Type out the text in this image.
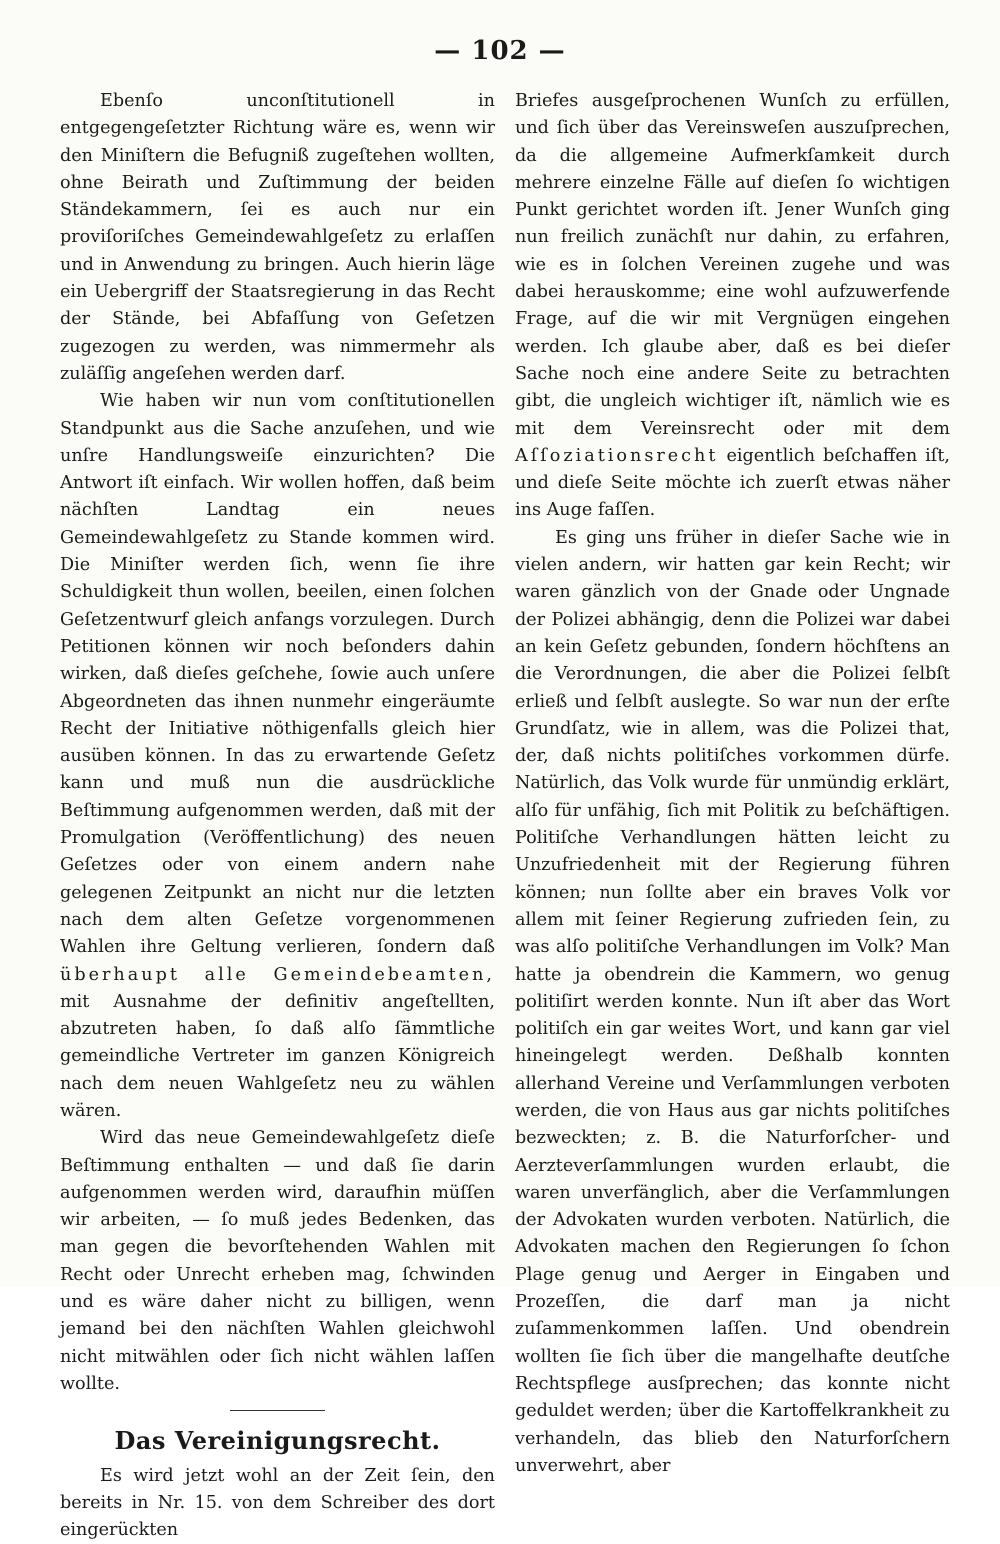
— 102 —

Ebenſo unconſtitutionell in entgegengeſetzter Richtung wäre es, wenn wir den Miniſtern die Befugniß zugeſtehen wollten, ohne Beirath und Zuſtimmung der beiden Ständekammern, ſei es auch nur ein proviſoriſches Gemeindewahlgeſetz zu erlaſſen und in Anwendung zu bringen. Auch hierin läge ein Uebergriff der Staatsregierung in das Recht der Stände, bei Abfaſſung von Geſetzen zugezogen zu werden, was nimmermehr als zuläſſig angeſehen werden darf.

Wie haben wir nun vom conſtitutionellen Standpunkt aus die Sache anzuſehen, und wie unſre Handlungsweiſe einzurichten? Die Antwort iſt einfach. Wir wollen hoffen, daß beim nächſten Landtag ein neues Gemeindewahlgeſetz zu Stande kommen wird. Die Miniſter werden ſich, wenn ſie ihre Schuldigkeit thun wollen, beeilen, einen ſolchen Geſetzentwurf gleich anfangs vorzulegen. Durch Petitionen können wir noch beſonders dahin wirken, daß dieſes geſchehe, ſowie auch unſere Abgeordneten das ihnen nunmehr eingeräumte Recht der Initiative nöthigenfalls gleich hier ausüben können. In das zu erwartende Geſetz kann und muß nun die ausdrückliche Beſtimmung aufgenommen werden, daß mit der Promulgation (Veröffentlichung) des neuen Geſetzes oder von einem andern nahe gelegenen Zeitpunkt an nicht nur die letzten nach dem alten Geſetze vorgenommenen Wahlen ihre Geltung verlieren, ſondern daß überhaupt alle Gemeindebeamten, mit Ausnahme der definitiv angeſtellten, abzutreten haben, ſo daß alſo ſämmtliche gemeindliche Vertreter im ganzen Königreich nach dem neuen Wahlgeſetz neu zu wählen wären.

Wird das neue Gemeindewahlgeſetz dieſe Beſtimmung enthalten — und daß ſie darin aufgenommen werden wird, daraufhin müſſen wir arbeiten, — ſo muß jedes Bedenken, das man gegen die bevorſtehenden Wahlen mit Recht oder Unrecht erheben mag, ſchwinden und es wäre daher nicht zu billigen, wenn jemand bei den nächſten Wahlen gleichwohl nicht mitwählen oder ſich nicht wählen laſſen wollte.

Das Vereinigungsrecht.

Es wird jetzt wohl an der Zeit ſein, den bereits in Nr. 15. von dem Schreiber des dort eingerückten

Briefes ausgeſprochenen Wunſch zu erfüllen, und ſich über das Vereinsweſen auszuſprechen, da die allgemeine Aufmerkſamkeit durch mehrere einzelne Fälle auf dieſen ſo wichtigen Punkt gerichtet worden iſt. Jener Wunſch ging nun freilich zunächſt nur dahin, zu erfahren, wie es in ſolchen Vereinen zugehe und was dabei herauskomme; eine wohl aufzuwerfende Frage, auf die wir mit Vergnügen eingehen werden. Ich glaube aber, daß es bei dieſer Sache noch eine andere Seite zu betrachten gibt, die ungleich wichtiger iſt, nämlich wie es mit dem Vereinsrecht oder mit dem Aſſoziationsrecht eigentlich beſchaffen iſt, und dieſe Seite möchte ich zuerſt etwas näher ins Auge faſſen.

Es ging uns früher in dieſer Sache wie in vielen andern, wir hatten gar kein Recht; wir waren gänzlich von der Gnade oder Ungnade der Polizei abhängig, denn die Polizei war dabei an kein Geſetz gebunden, ſondern höchſtens an die Verordnungen, die aber die Polizei ſelbſt erließ und ſelbſt auslegte. So war nun der erſte Grundſatz, wie in allem, was die Polizei that, der, daß nichts politiſches vorkommen dürfe. Natürlich, das Volk wurde für unmündig erklärt, alſo für unfähig, ſich mit Politik zu beſchäftigen. Politiſche Verhandlungen hätten leicht zu Unzufriedenheit mit der Regierung führen können; nun ſollte aber ein braves Volk vor allem mit ſeiner Regierung zufrieden ſein, zu was alſo politiſche Verhandlungen im Volk? Man hatte ja obendrein die Kammern, wo genug politiſirt werden konnte. Nun iſt aber das Wort politiſch ein gar weites Wort, und kann gar viel hineingelegt werden. Deßhalb konnten allerhand Vereine und Verſammlungen verboten werden, die von Haus aus gar nichts politiſches bezweckten; z. B. die Naturforſcher- und Aerzteverſammlungen wurden erlaubt, die waren unverfänglich, aber die Verſammlungen der Advokaten wurden verboten. Natürlich, die Advokaten machen den Regierungen ſo ſchon Plage genug und Aerger in Eingaben und Prozeſſen, die darf man ja nicht zuſammenkommen laſſen. Und obendrein wollten ſie ſich über die mangelhafte deutſche Rechtspflege ausſprechen; das konnte nicht geduldet werden; über die Kartoffelkrankheit zu verhandeln, das blieb den Naturforſchern unverwehrt, aber
